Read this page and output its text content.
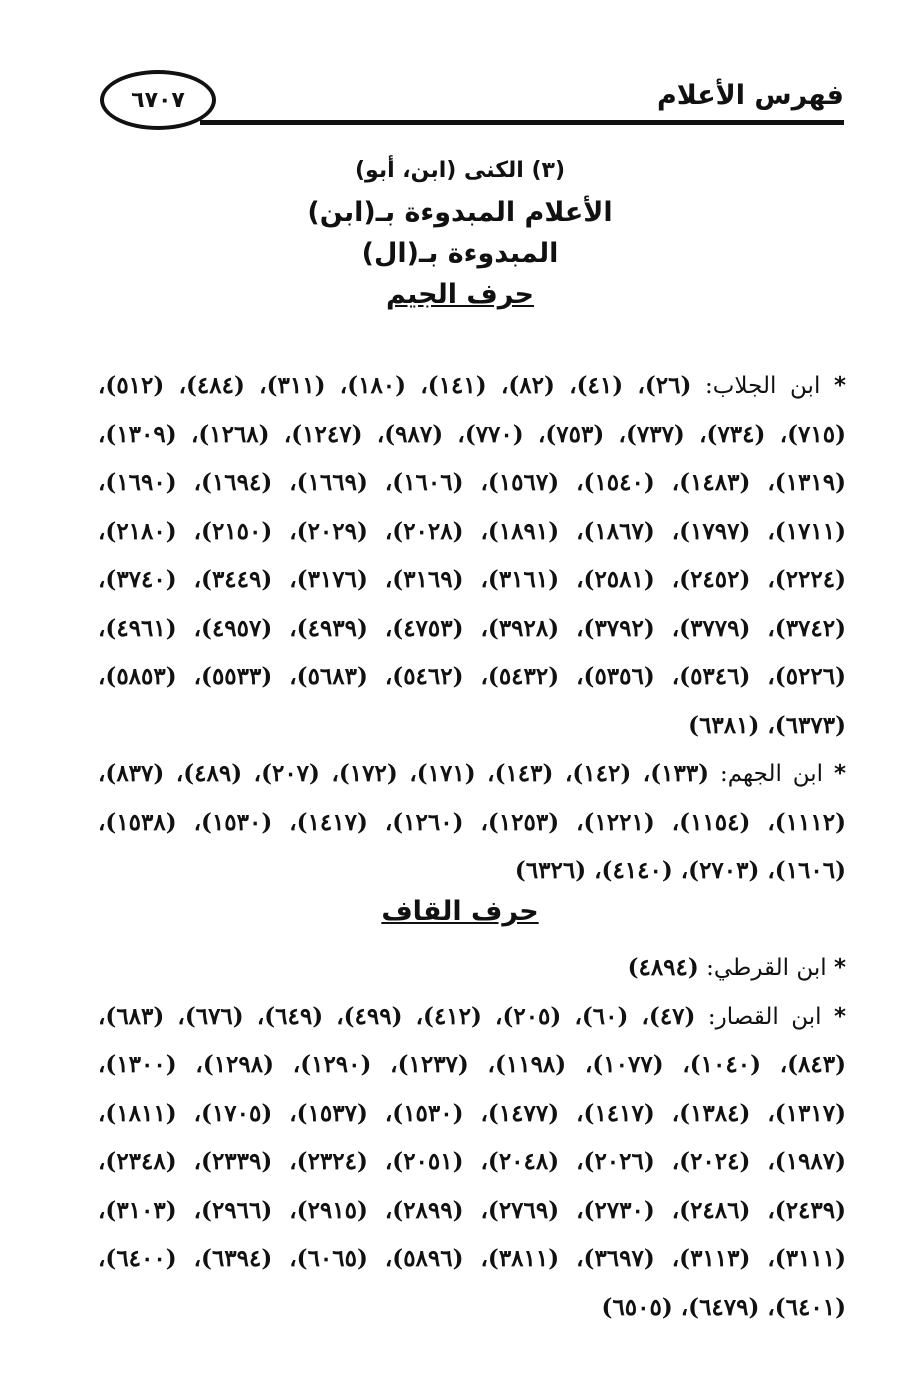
٦٧٠٧	فهرس الأعلام
(٣) الكنى (ابن، أبو)
الأعلام المبدوءة بـ(ابن)
المبدوءة بـ(ال)
حرف الجيم

* ابن الجلاب: (٢٦)، (٤١)، (٨٢)، (١٤١)، (١٨٠)، (٣١١)، (٤٨٤)، (٥١٢)، (٧١٥)، (٧٣٤)، (٧٣٧)، (٧٥٣)، (٧٧٠)، (٩٨٧)، (١٢٤٧)، (١٢٦٨)، (١٣٠٩)، (١٣١٩)، (١٤٨٣)، (١٥٤٠)، (١٥٦٧)، (١٦٠٦)، (١٦٦٩)، (١٦٩٤)، (١٦٩٠)، (١٧١١)، (١٧٩٧)، (١٨٦٧)، (١٨٩١)، (٢٠٢٨)، (٢٠٢٩)، (٢١٥٠)، (٢١٨٠)، (٢٢٢٤)، (٢٤٥٢)، (٢٥٨١)، (٣١٦١)، (٣١٦٩)، (٣١٧٦)، (٣٤٤٩)، (٣٧٤٠)، (٣٧٤٢)، (٣٧٧٩)، (٣٧٩٢)، (٣٩٢٨)، (٤٧٥٣)، (٤٩٣٩)، (٤٩٥٧)، (٤٩٦١)، (٥٢٢٦)، (٥٣٤٦)، (٥٣٥٦)، (٥٤٣٢)، (٥٤٦٢)، (٥٦٨٣)، (٥٥٣٣)، (٥٨٥٣)، (٦٣٧٣)، (٦٣٨١)

* ابن الجهم: (١٣٣)، (١٤٢)، (١٤٣)، (١٧١)، (١٧٢)، (٢٠٧)، (٤٨٩)، (٨٣٧)، (١١١٢)، (١١٥٤)، (١٢٢١)، (١٢٥٣)، (١٢٦٠)، (١٤١٧)، (١٥٣٠)، (١٥٣٨)، (١٦٠٦)، (٢٧٠٣)، (٤١٤٠)، (٦٣٢٦)

حرف القاف

* ابن القرطي: (٤٨٩٤)

* ابن القصار: (٤٧)، (٦٠)، (٢٠٥)، (٤١٢)، (٤٩٩)، (٦٤٩)، (٦٧٦)، (٦٨٣)، (٨٤٣)، (١٠٤٠)، (١٠٧٧)، (١١٩٨)، (١٢٣٧)، (١٢٩٠)، (١٢٩٨)، (١٣٠٠)، (١٣١٧)، (١٣٨٤)، (١٤١٧)، (١٤٧٧)، (١٥٣٠)، (١٥٣٧)، (١٧٠٥)، (١٨١١)، (١٩٨٧)، (٢٠٢٤)، (٢٠٢٦)، (٢٠٤٨)، (٢٠٥١)، (٢٣٢٤)، (٢٣٣٩)، (٢٣٤٨)، (٢٤٣٩)، (٢٤٨٦)، (٢٧٣٠)، (٢٧٦٩)، (٢٨٩٩)، (٢٩١٥)، (٢٩٦٦)، (٣١٠٣)، (٣١١١)، (٣١١٣)، (٣٦٩٧)، (٣٨١١)، (٥٨٩٦)، (٦٠٦٥)، (٦٣٩٤)، (٦٤٠٠)، (٦٤٠١)، (٦٤٧٩)، (٦٥٠٥)
